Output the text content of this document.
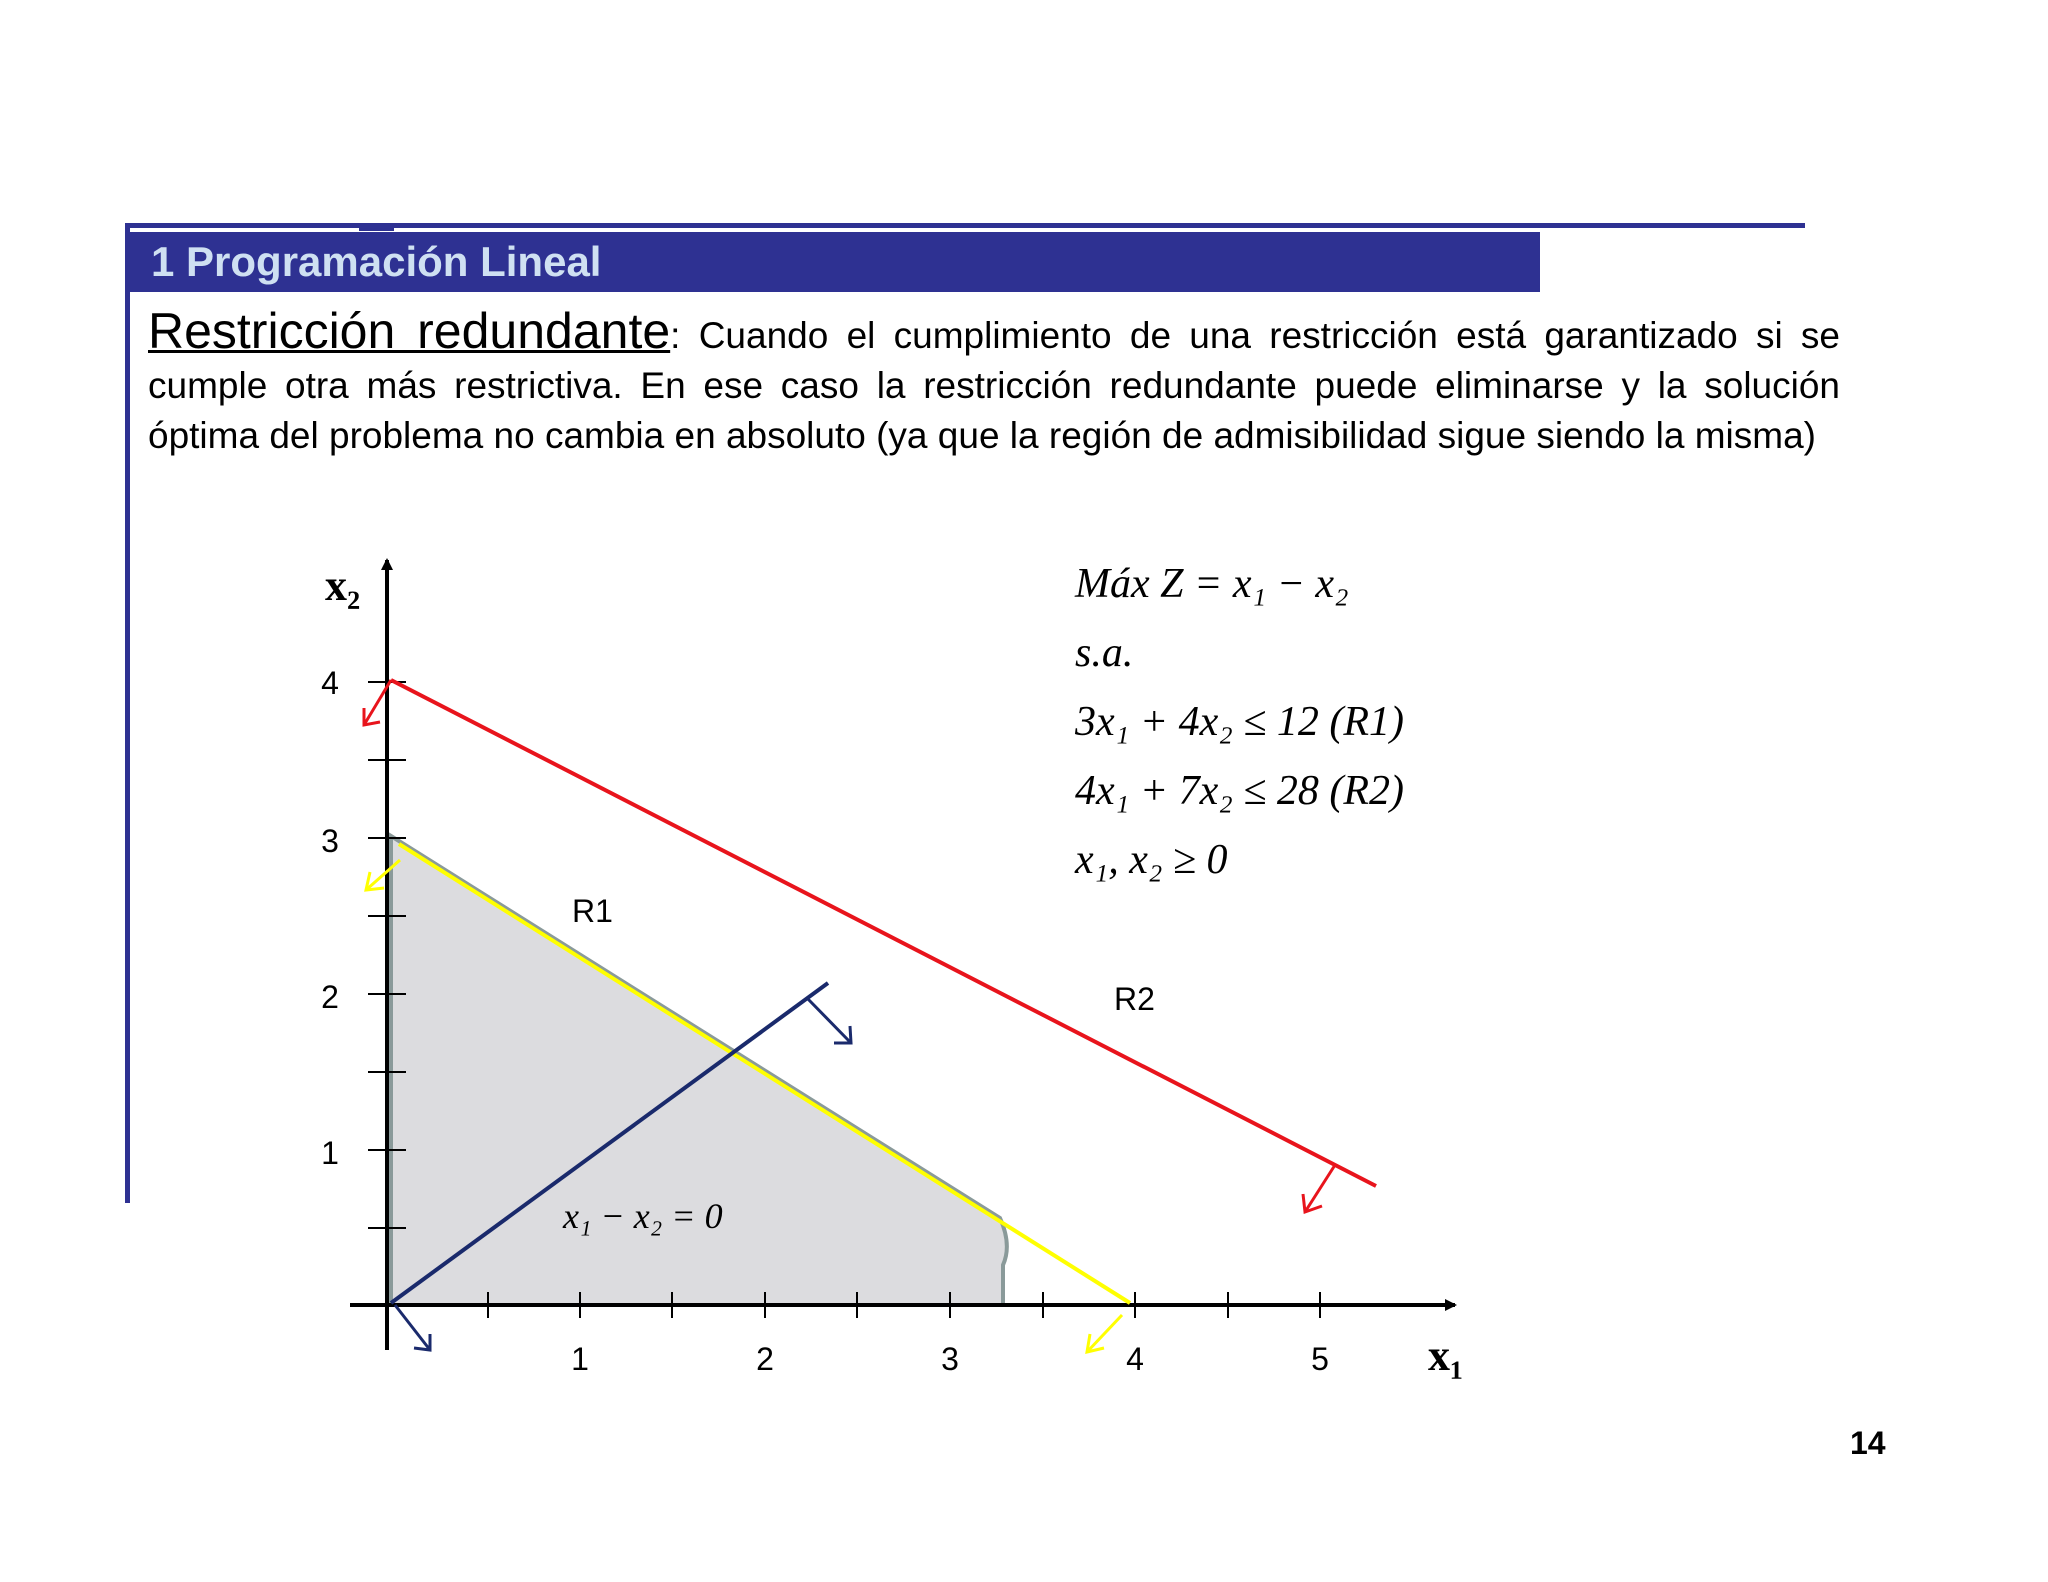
1 Programación Lineal
Restricción redundante: Cuando el cumplimiento de una restricción está garantizado si se cumple otra más restrictiva. En ese caso la restricción redundante puede eliminarse y la solución óptima del problema no cambia en absoluto (ya que la región de admisibilidad sigue siendo la misma)
1	2	3	4	5
1
2
3
4
x₂
x₁
R1
R2
x₁ − x₂ = 0
Máx Z = x₁ − x₂
s.a.
3x₁ + 4x₂ ≤ 12 (R1)
4x₁ + 7x₂ ≤ 28 (R2)
x₁, x₂ ≥ 0
14
